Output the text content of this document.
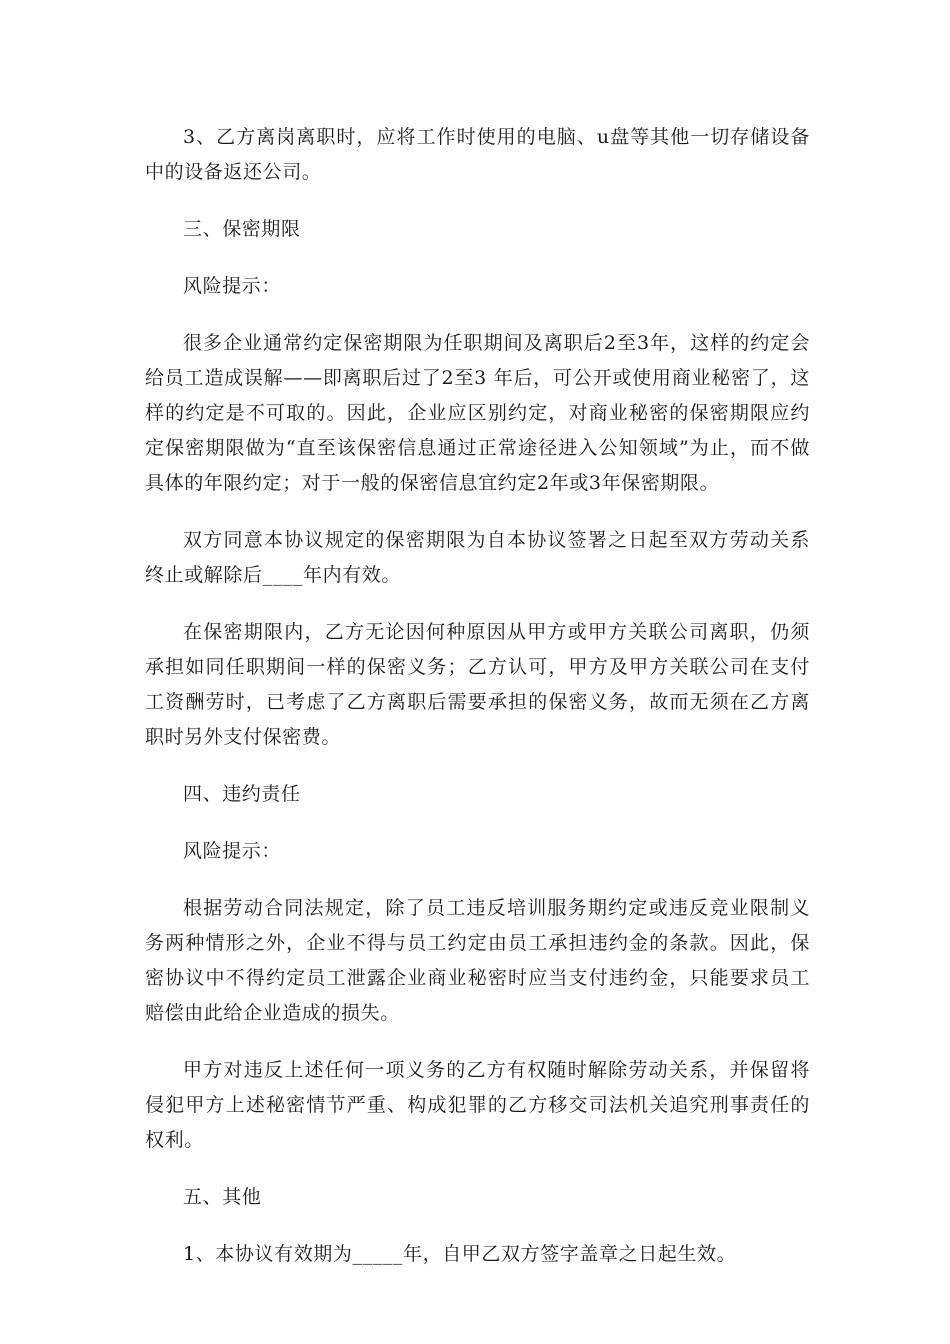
3、乙方离岗离职时，应将工作时使用的电脑、u盘等其他一切存储设备中的设备返还公司。

三、保密期限

风险提示：

很多企业通常约定保密期限为任职期间及离职后2至3年，这样的约定会给员工造成误解——即离职后过了2至3 年后，可公开或使用商业秘密了，这样的约定是不可取的。因此，企业应区别约定，对商业秘密的保密期限应约定保密期限做为“直至该保密信息通过正常途径进入公知领域”为止，而不做具体的年限约定；对于一般的保密信息宜约定2年或3年保密期限。

双方同意本协议规定的保密期限为自本协议签署之日起至双方劳动关系终止或解除后____年内有效。

在保密期限内，乙方无论因何种原因从甲方或甲方关联公司离职，仍须承担如同任职期间一样的保密义务；乙方认可，甲方及甲方关联公司在支付工资酬劳时，已考虑了乙方离职后需要承担的保密义务，故而无须在乙方离职时另外支付保密费。

四、违约责任

风险提示：

根据劳动合同法规定，除了员工违反培训服务期约定或违反竞业限制义务两种情形之外，企业不得与员工约定由员工承担违约金的条款。因此，保密协议中不得约定员工泄露企业商业秘密时应当支付违约金，只能要求员工赔偿由此给企业造成的损失。

甲方对违反上述任何一项义务的乙方有权随时解除劳动关系，并保留将侵犯甲方上述秘密情节严重、构成犯罪的乙方移交司法机关追究刑事责任的权利。

五、其他

1、本协议有效期为_____年，自甲乙双方签字盖章之日起生效。
